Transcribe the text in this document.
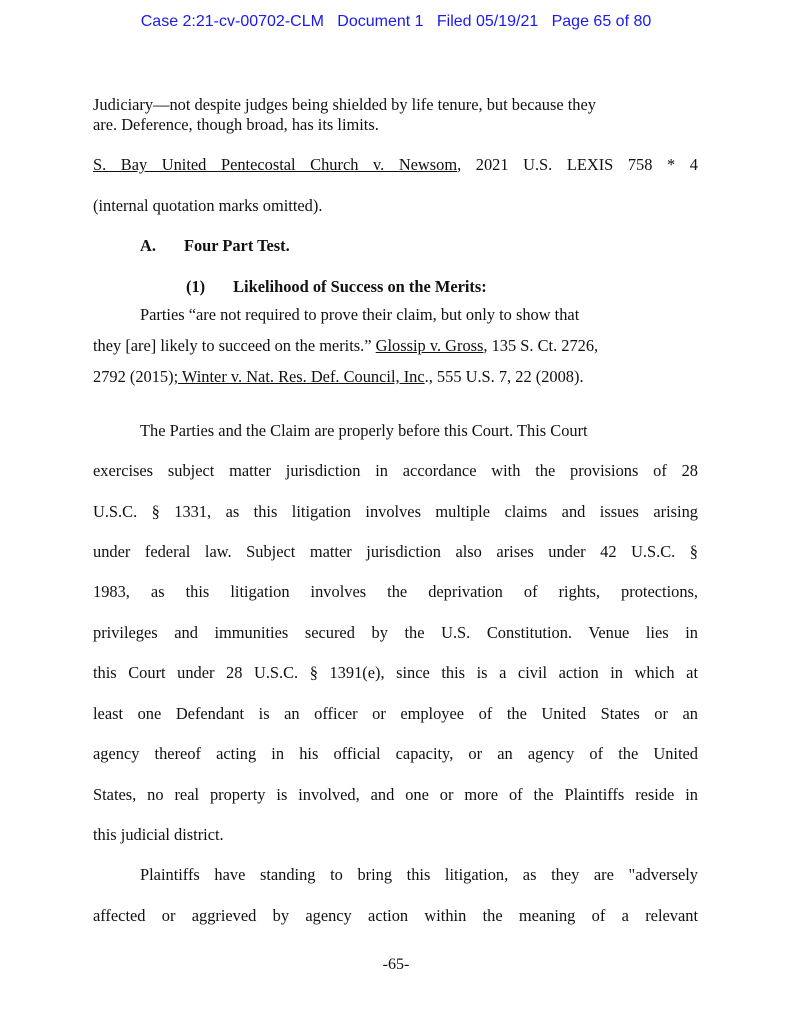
Case 2:21-cv-00702-CLM   Document 1   Filed 05/19/21   Page 65 of 80
Judiciary—not despite judges being shielded by life tenure, but because they
are. Deference, though broad, has its limits.
S. Bay United Pentecostal Church v. Newsom, 2021 U.S. LEXIS 758 * 4
(internal quotation marks omitted).
A. Four Part Test.
(1) Likelihood of Success on the Merits:
Parties “are not required to prove their claim, but only to show that
they [are] likely to succeed on the merits.” Glossip v. Gross, 135 S. Ct. 2726,
2792 (2015); Winter v. Nat. Res. Def. Council, Inc., 555 U.S. 7, 22 (2008).
The Parties and the Claim are properly before this Court. This Court
exercises subject matter jurisdiction in accordance with the provisions of 28
U.S.C. § 1331, as this litigation involves multiple claims and issues arising
under federal law. Subject matter jurisdiction also arises under 42 U.S.C. §
1983, as this litigation involves the deprivation of rights, protections,
privileges and immunities secured by the U.S. Constitution. Venue lies in
this Court under 28 U.S.C. § 1391(e), since this is a civil action in which at
least one Defendant is an officer or employee of the United States or an
agency thereof acting in his official capacity, or an agency of the United
States, no real property is involved, and one or more of the Plaintiffs reside in
this judicial district.
Plaintiffs have standing to bring this litigation, as they are "adversely
affected or aggrieved by agency action within the meaning of a relevant
-65-
